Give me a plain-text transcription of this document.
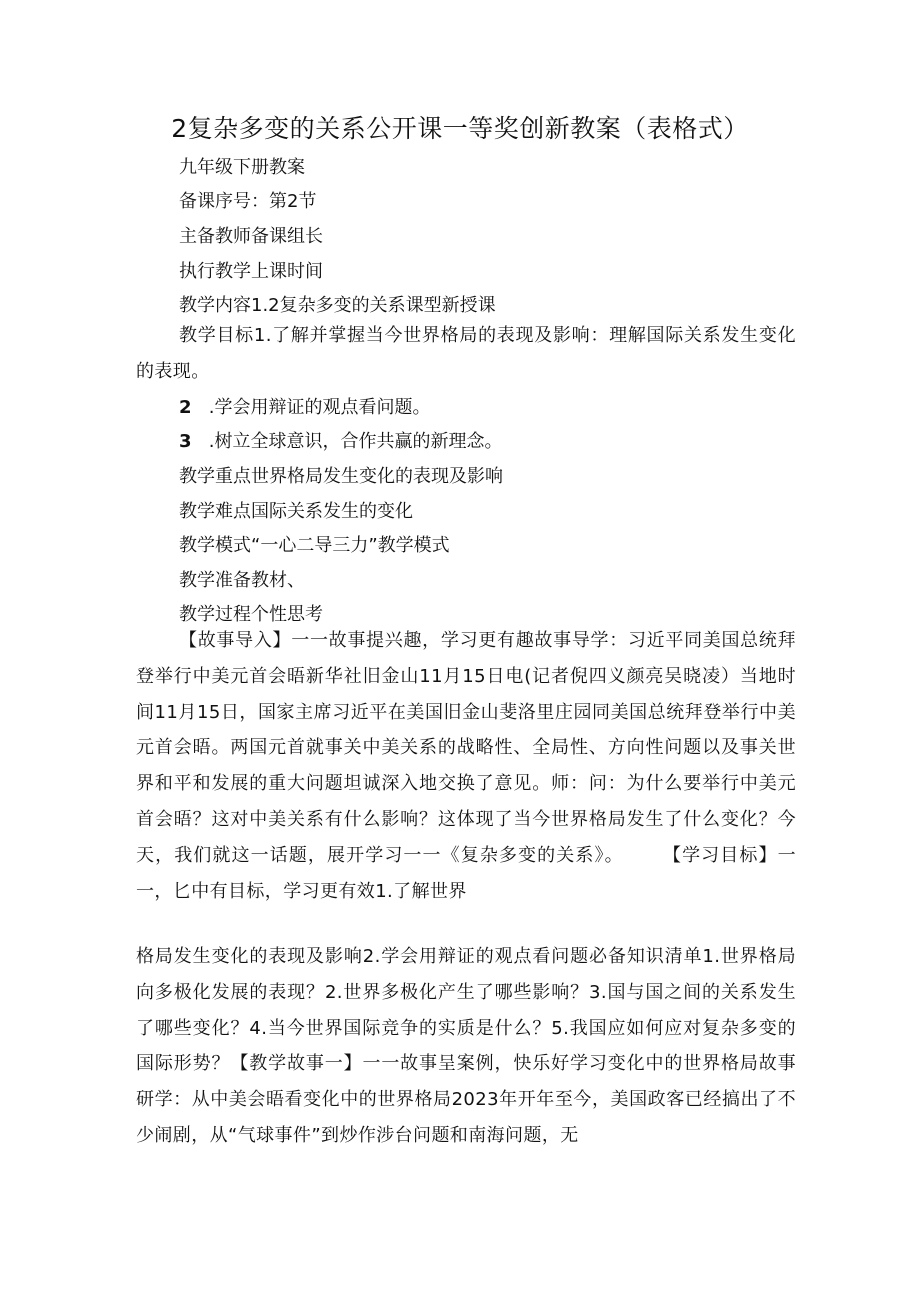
2复杂多变的关系公开课一等奖创新教案（表格式）
九年级下册教案
备课序号：第2节
主备教师备课组长
执行教学上课时间
教学内容1.2复杂多变的关系课型新授课
教学目标1.了解并掌握当今世界格局的表现及影响：理解国际关系发生变化的表现。
2 .学会用辩证的观点看问题。
3 .树立全球意识，合作共赢的新理念。
教学重点世界格局发生变化的表现及影响
教学难点国际关系发生的变化
教学模式“一心二导三力”教学模式
教学准备教材、
教学过程个性思考
【故事导入】一一故事提兴趣，学习更有趣故事导学：习近平同美国总统拜登举行中美元首会晤新华社旧金山11月15日电(记者倪四义颜亮吴晓凌）当地时间11月15日，国家主席习近平在美国旧金山斐洛里庄园同美国总统拜登举行中美元首会晤。两国元首就事关中美关系的战略性、全局性、方向性问题以及事关世界和平和发展的重大问题坦诚深入地交换了意见。师：问：为什么要举行中美元首会晤？这对中美关系有什么影响？这体现了当今世界格局发生了什么变化？今天，我们就这一话题，展开学习一一《复杂多变的关系》。　　　【学习目标】一一，匕中有目标，学习更有效1.了解世界
格局发生变化的表现及影响2.学会用辩证的观点看问题必备知识清单1.世界格局向多极化发展的表现？2.世界多极化产生了哪些影响？3.国与国之间的关系发生了哪些变化？4.当今世界国际竞争的实质是什么？5.我国应如何应对复杂多变的国际形势？【教学故事一】一一故事呈案例，快乐好学习变化中的世界格局故事研学：从中美会晤看变化中的世界格局2023年开年至今，美国政客已经搞出了不少闹剧，从“气球事件”到炒作涉台问题和南海问题，无
